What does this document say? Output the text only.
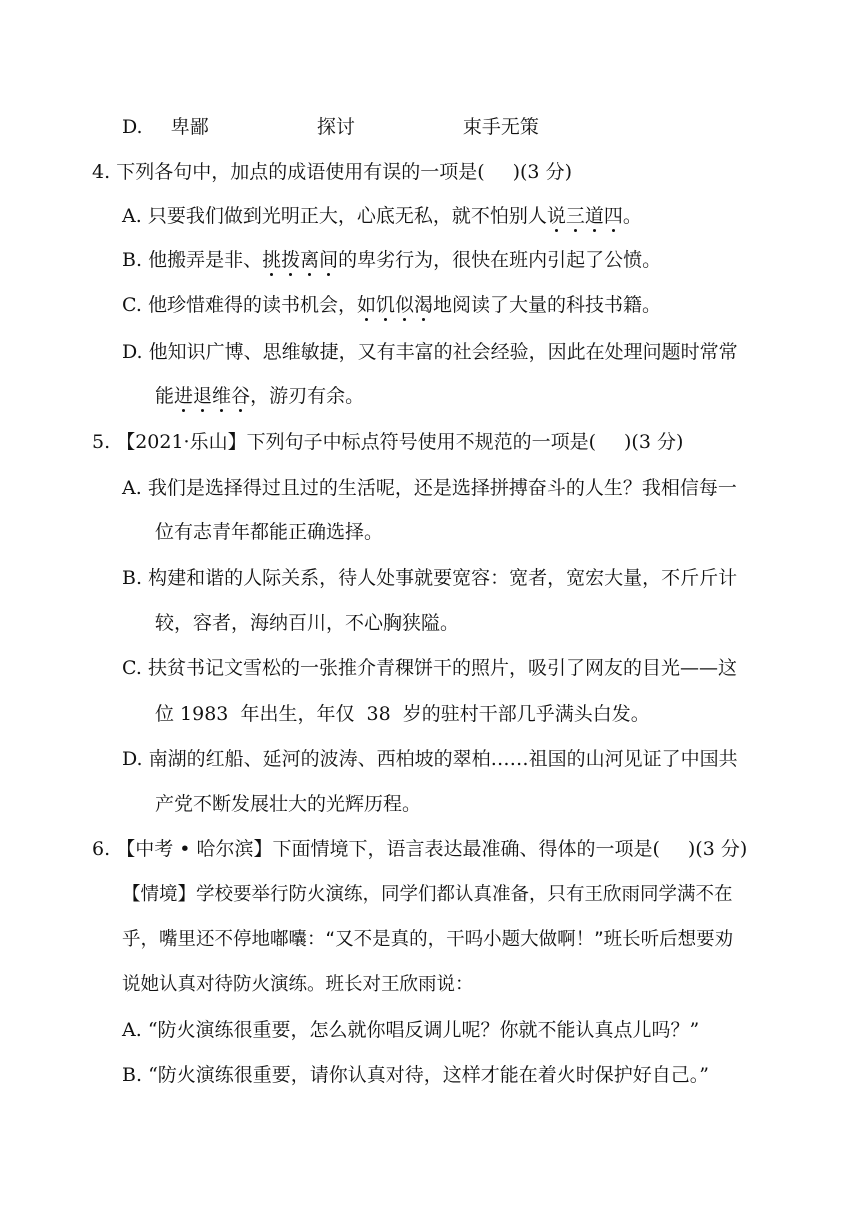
D. 卑鄙	探讨	束手无策
4. 下列各句中，加点的成语使用有误的一项是( )(3 分)
A. 只要我们做到光明正大，心底无私，就不怕别人说三道四。
B. 他搬弄是非、挑拨离间的卑劣行为，很快在班内引起了公愤。
C. 他珍惜难得的读书机会，如饥似渴地阅读了大量的科技书籍。
D. 他知识广博、思维敏捷，又有丰富的社会经验，因此在处理问题时常常
能进退维谷，游刃有余。
5. 【2021·乐山】下列句子中标点符号使用不规范的一项是( )(3 分)
A. 我们是选择得过且过的生活呢，还是选择拼搏奋斗的人生？我相信每一
位有志青年都能正确选择。
B. 构建和谐的人际关系，待人处事就要宽容：宽者，宽宏大量，不斤斤计
较，容者，海纳百川，不心胸狭隘。
C. 扶贫书记文雪松的一张推介青稞饼干的照片，吸引了网友的目光——这
位 1983  年出生，年仅  38  岁的驻村干部几乎满头白发。
D. 南湖的红船、延河的波涛、西柏坡的翠柏……祖国的山河见证了中国共
产党不断发展壮大的光辉历程。
6. 【中考 • 哈尔滨】下面情境下，语言表达最准确、得体的一项是( )(3 分)
【情境】学校要举行防火演练，同学们都认真准备，只有王欣雨同学满不在
乎，嘴里还不停地嘟囔：“又不是真的，干吗小题大做啊！”班长听后想要劝
说她认真对待防火演练。班长对王欣雨说：
A. “防火演练很重要，怎么就你唱反调儿呢？你就不能认真点儿吗？”
B. “防火演练很重要，请你认真对待，这样才能在着火时保护好自己。”
